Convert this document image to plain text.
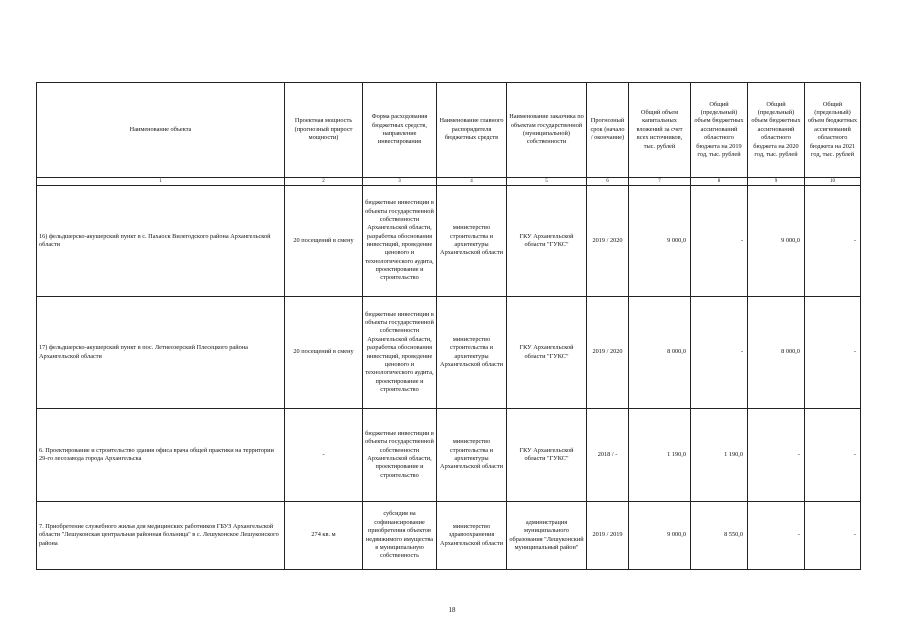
Наименование объекта	Проектная мощность (прогнозный прирост мощности)	Форма расходования бюджетных средств, направление инвестирования	Наименование главного распорядителя бюджетных средств	Наименование заказчика по объектам государственной (муниципальной) собственности	Прогнозный срок (начало / окончание)	Общий объем капитальных вложений за счет всех источников, тыс. рублей	Общий (предельный) объем бюджетных ассигнований областного бюджета на 2019 год, тыс. рублей	Общий (предельный) объем бюджетных ассигнований областного бюджета на 2020 год, тыс. рублей	Общий (предельный) объем бюджетных ассигнований областного бюджета на 2021 год, тыс. рублей
1	2	3	4	5	6	7	8	9	10
16) фельдшерско-акушерский пункт в с. Пахаоск Вилегодского района Архангельской области	20 посещений в смену	бюджетные инвестиции в объекты государственной собственности Архангельской области, разработка обоснования инвестиций, проведение ценового и технологического аудита, проектирование и строительство	министерство строительства и архитектуры Архангельской области	ГКУ Архангельской области "ГУКС"	2019 / 2020	9 000,0	-	9 000,0	-
17) фельдшерско-акушерский пункт в пос. Летнеозерский Плесецкого района Архангельской области	20 посещений в смену	бюджетные инвестиции в объекты государственной собственности Архангельской области, разработка обоснования инвестиций, проведение ценового и технологического аудита, проектирование и строительство	министерство строительства и архитектуры Архангельской области	ГКУ Архангельской области "ГУКС"	2019 / 2020	8 000,0	-	8 000,0	-
6. Проектирование и строительство здания офиса врача общей практики на территории 29-го лесозавода города Архангельска	-	бюджетные инвестиции в объекты государственной собственности Архангельской области, проектирование и строительство	министерство строительства и архитектуры Архангельской области	ГКУ Архангельской области "ГУКС"	2018 / -	1 190,0	1 190,0	-	-
7. Приобретение служебного жилья для медицинских работников ГБУЗ Архангельской области "Лешуконская центральная районная больница" в с. Лешуконское Лешуконского района	274 кв. м	субсидия на софинансирование приобретения объектов недвижимого имущества в муниципальную собственность	министерство здравоохранения Архангельской области	администрация муниципального образования "Лешуконский муниципальный район"	2019 / 2019	9 000,0	8 550,0	-	-
18
